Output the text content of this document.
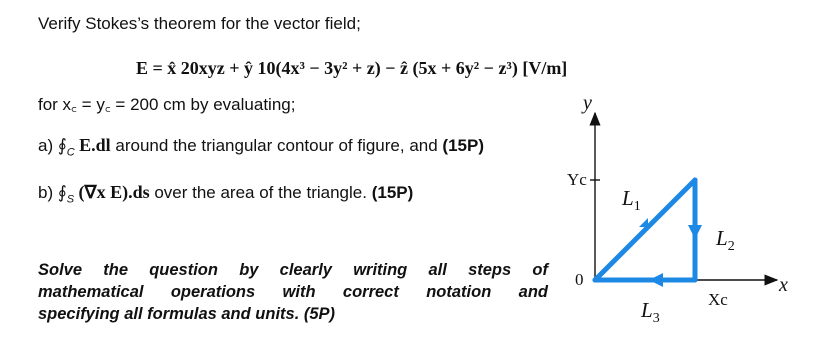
Verify Stokes’s theorem for the vector field;
E = x̂ 20xyz + ŷ 10(4x³ − 3y² + z) − ẑ (5x + 6y² − z³) [V/m]
for x꜀ = y꜀ = 200 cm by evaluating;
a) $∮_C$ E.dl around the triangular contour of figure, and (15P)
b) $∮_S$ (∇x E).ds over the area of the triangle. (15P)
Solve the question by clearly writing all steps of
mathematical operations with correct notation and
specifying all formulas and units. (5P)
y
x
0
Yc
Xc
$L_1$
$L_2$
$L_3$
